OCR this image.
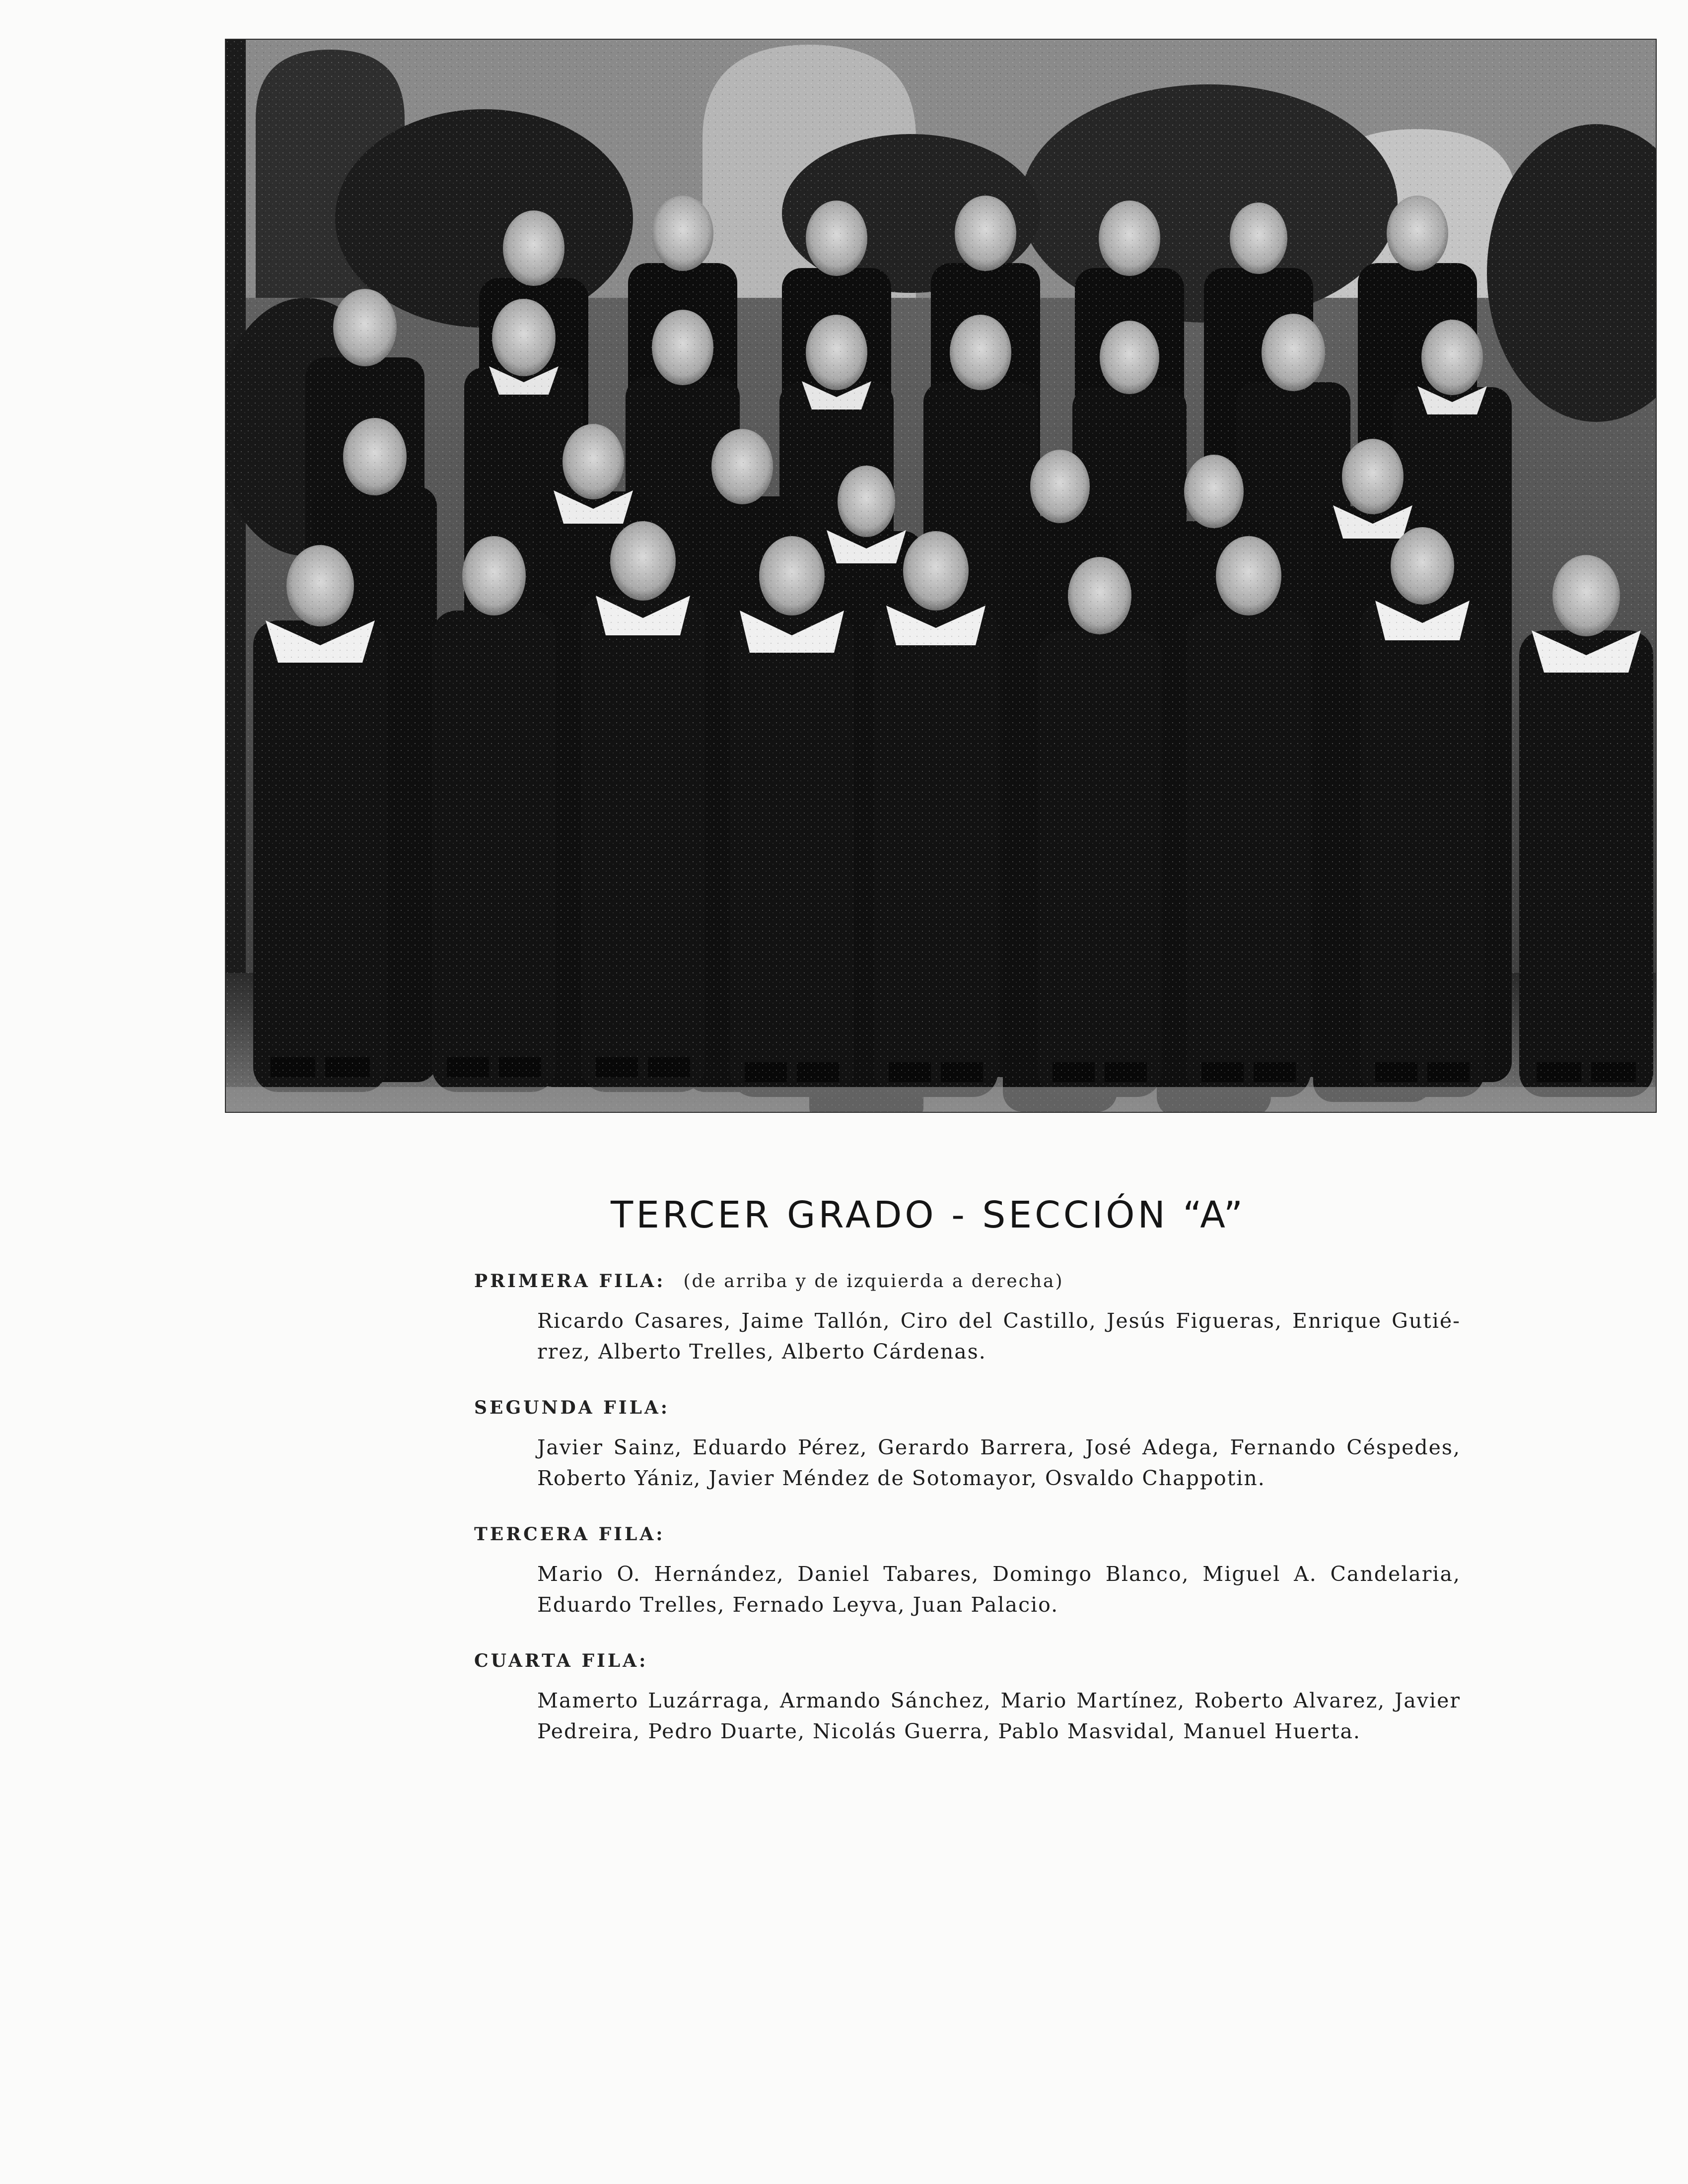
TERCER GRADO - SECCIÓN “A”
PRIMERA FILA: (de arriba y de izquierda a derecha)
Ricardo Casares, Jaime Tallón, Ciro del Castillo, Jesús Figueras, Enrique Gutié-
rrez, Alberto Trelles, Alberto Cárdenas.
SEGUNDA FILA:
Javier Sainz, Eduardo Pérez, Gerardo Barrera, José Adega, Fernando Céspedes,
Roberto Yániz, Javier Méndez de Sotomayor, Osvaldo Chappotin.
TERCERA FILA:
Mario O. Hernández, Daniel Tabares, Domingo Blanco, Miguel A. Candelaria,
Eduardo Trelles, Fernado Leyva, Juan Palacio.
CUARTA FILA:
Mamerto Luzárraga, Armando Sánchez, Mario Martínez, Roberto Alvarez, Javier
Pedreira, Pedro Duarte, Nicolás Guerra, Pablo Masvidal, Manuel Huerta.
